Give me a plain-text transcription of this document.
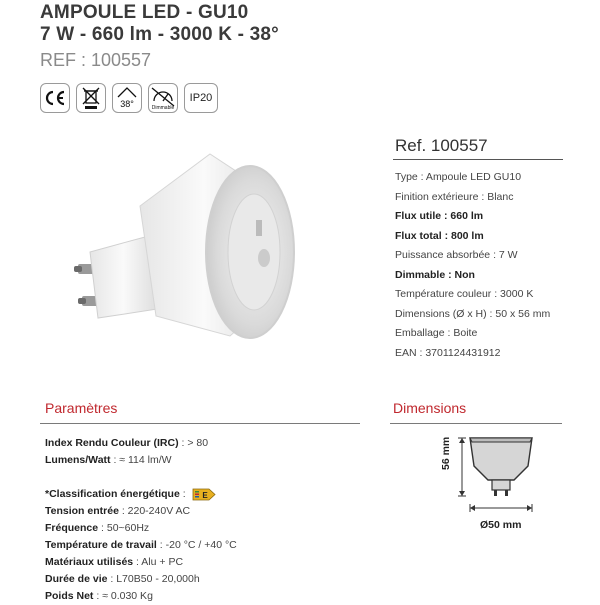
AMPOULE LED - GU10
7 W - 660 lm - 3000 K - 38°
REF : 100557
38°	Dimmable
IP20
Ref. 100557
Type : Ampoule LED GU10
Finition extérieure : Blanc
Flux utile : 660 lm
Flux total : 800 lm
Puissance absorbée : 7 W
Dimmable : Non
Température couleur : 3000 K
Dimensions (Ø x H) : 50 x 56 mm
Emballage : Boite
EAN : 3701124431912
Paramètres
Index Rendu Couleur (IRC) : > 80
Lumens/Watt : ≈ 114 lm/W
*Classification énergétique : E
Tension entrée : 220-240V AC
Fréquence : 50~60Hz
Température de travail : -20 °C / +40 °C
Matériaux utilisés : Alu + PC
Durée de vie : L70B50 - 20,000h
Poids Net : ≈ 0.030 Kg
Dimensions
56 mm
Ø50 mm
